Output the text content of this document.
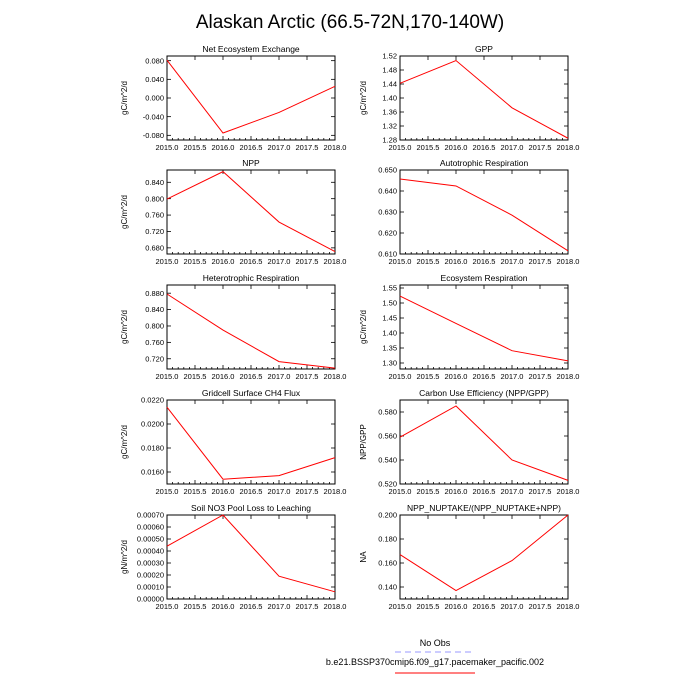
Alaskan Arctic (66.5-72N,170-140W)
Net Ecosystem Exchange
2015.0 2015.5 2016.0 2016.5 2017.0 2017.5 2018.0
0.080
0.040
0.000
-0.040
-0.080
gC/m^2/d
GPP
2015.0 2015.5 2016.0 2016.5 2017.0 2017.5 2018.0
1.52
1.48
1.44
1.40
1.36
1.32
1.28
gC/m^2/d
NPP
2015.0 2015.5 2016.0 2016.5 2017.0 2017.5 2018.0
0.840
0.800
0.760
0.720
0.680
gC/m^2/d
Autotrophic Respiration
2015.0 2015.5 2016.0 2016.5 2017.0 2017.5 2018.0
0.650
0.640
0.630
0.620
0.610
Heterotrophic Respiration
2015.0 2015.5 2016.0 2016.5 2017.0 2017.5 2018.0
0.880
0.840
0.800
0.760
0.720
gC/m^2/d
Ecosystem Respiration
2015.0 2015.5 2016.0 2016.5 2017.0 2017.5 2018.0
1.55
1.50
1.45
1.40
1.35
1.30
gC/m^2/d
Gridcell Surface CH4 Flux
2015.0 2015.5 2016.0 2016.5 2017.0 2017.5 2018.0
0.0220
0.0200
0.0180
0.0160
gC/m^2/d
Carbon Use Efficiency (NPP/GPP)
2015.0 2015.5 2016.0 2016.5 2017.0 2017.5 2018.0
0.580
0.560
0.540
0.520
NPP/GPP
Soil NO3 Pool Loss to Leaching
2015.0 2015.5 2016.0 2016.5 2017.0 2017.5 2018.0
0.00070
0.00060
0.00050
0.00040
0.00030
0.00020
0.00010
0.00000
gN/m^2/d
NPP_NUPTAKE/(NPP_NUPTAKE+NPP)
2015.0 2015.5 2016.0 2016.5 2017.0 2017.5 2018.0
0.200
0.180
0.160
0.140
NA
No Obs
b.e21.BSSP370cmip6.f09_g17.pacemaker_pacific.002
